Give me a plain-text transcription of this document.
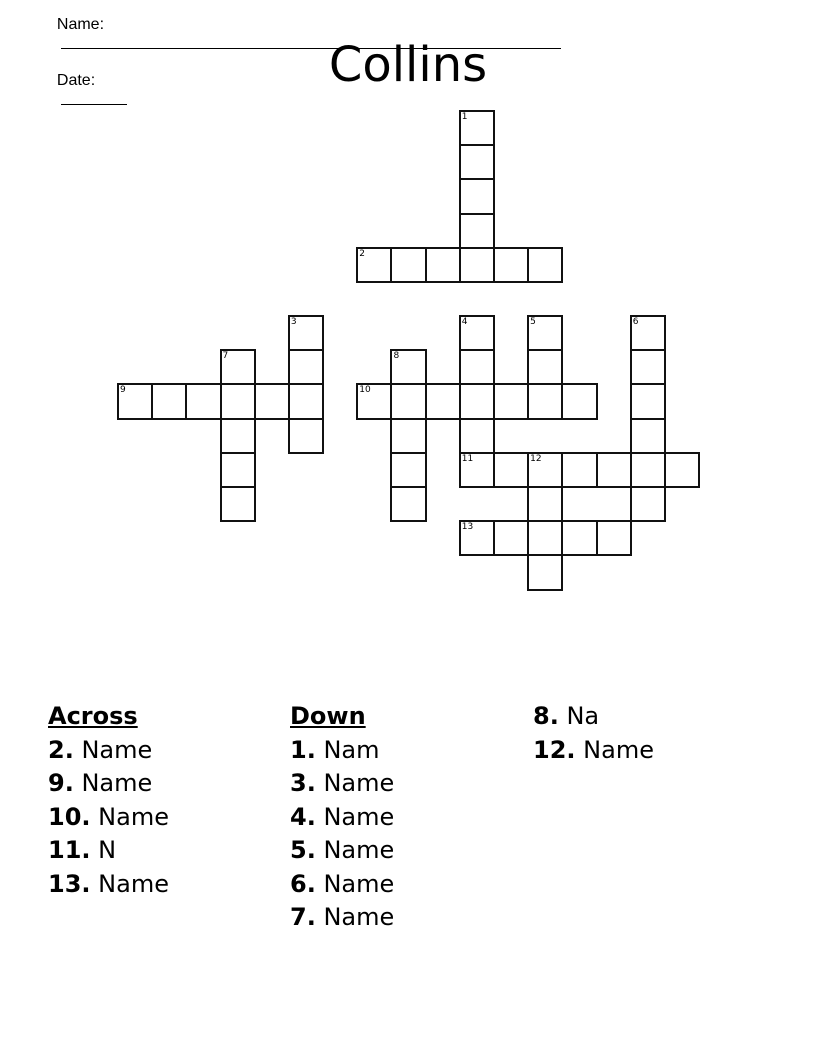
Name:

Date:
	Collins
1
2
3	4	5	6
7	8
9	10
11	12
13
Across
2. Name
9. Name
10. Name
11. N
13. Name
Down
1. Nam
3. Name
4. Name
5. Name
6. Name
7. Name
8. Na
12. Name
